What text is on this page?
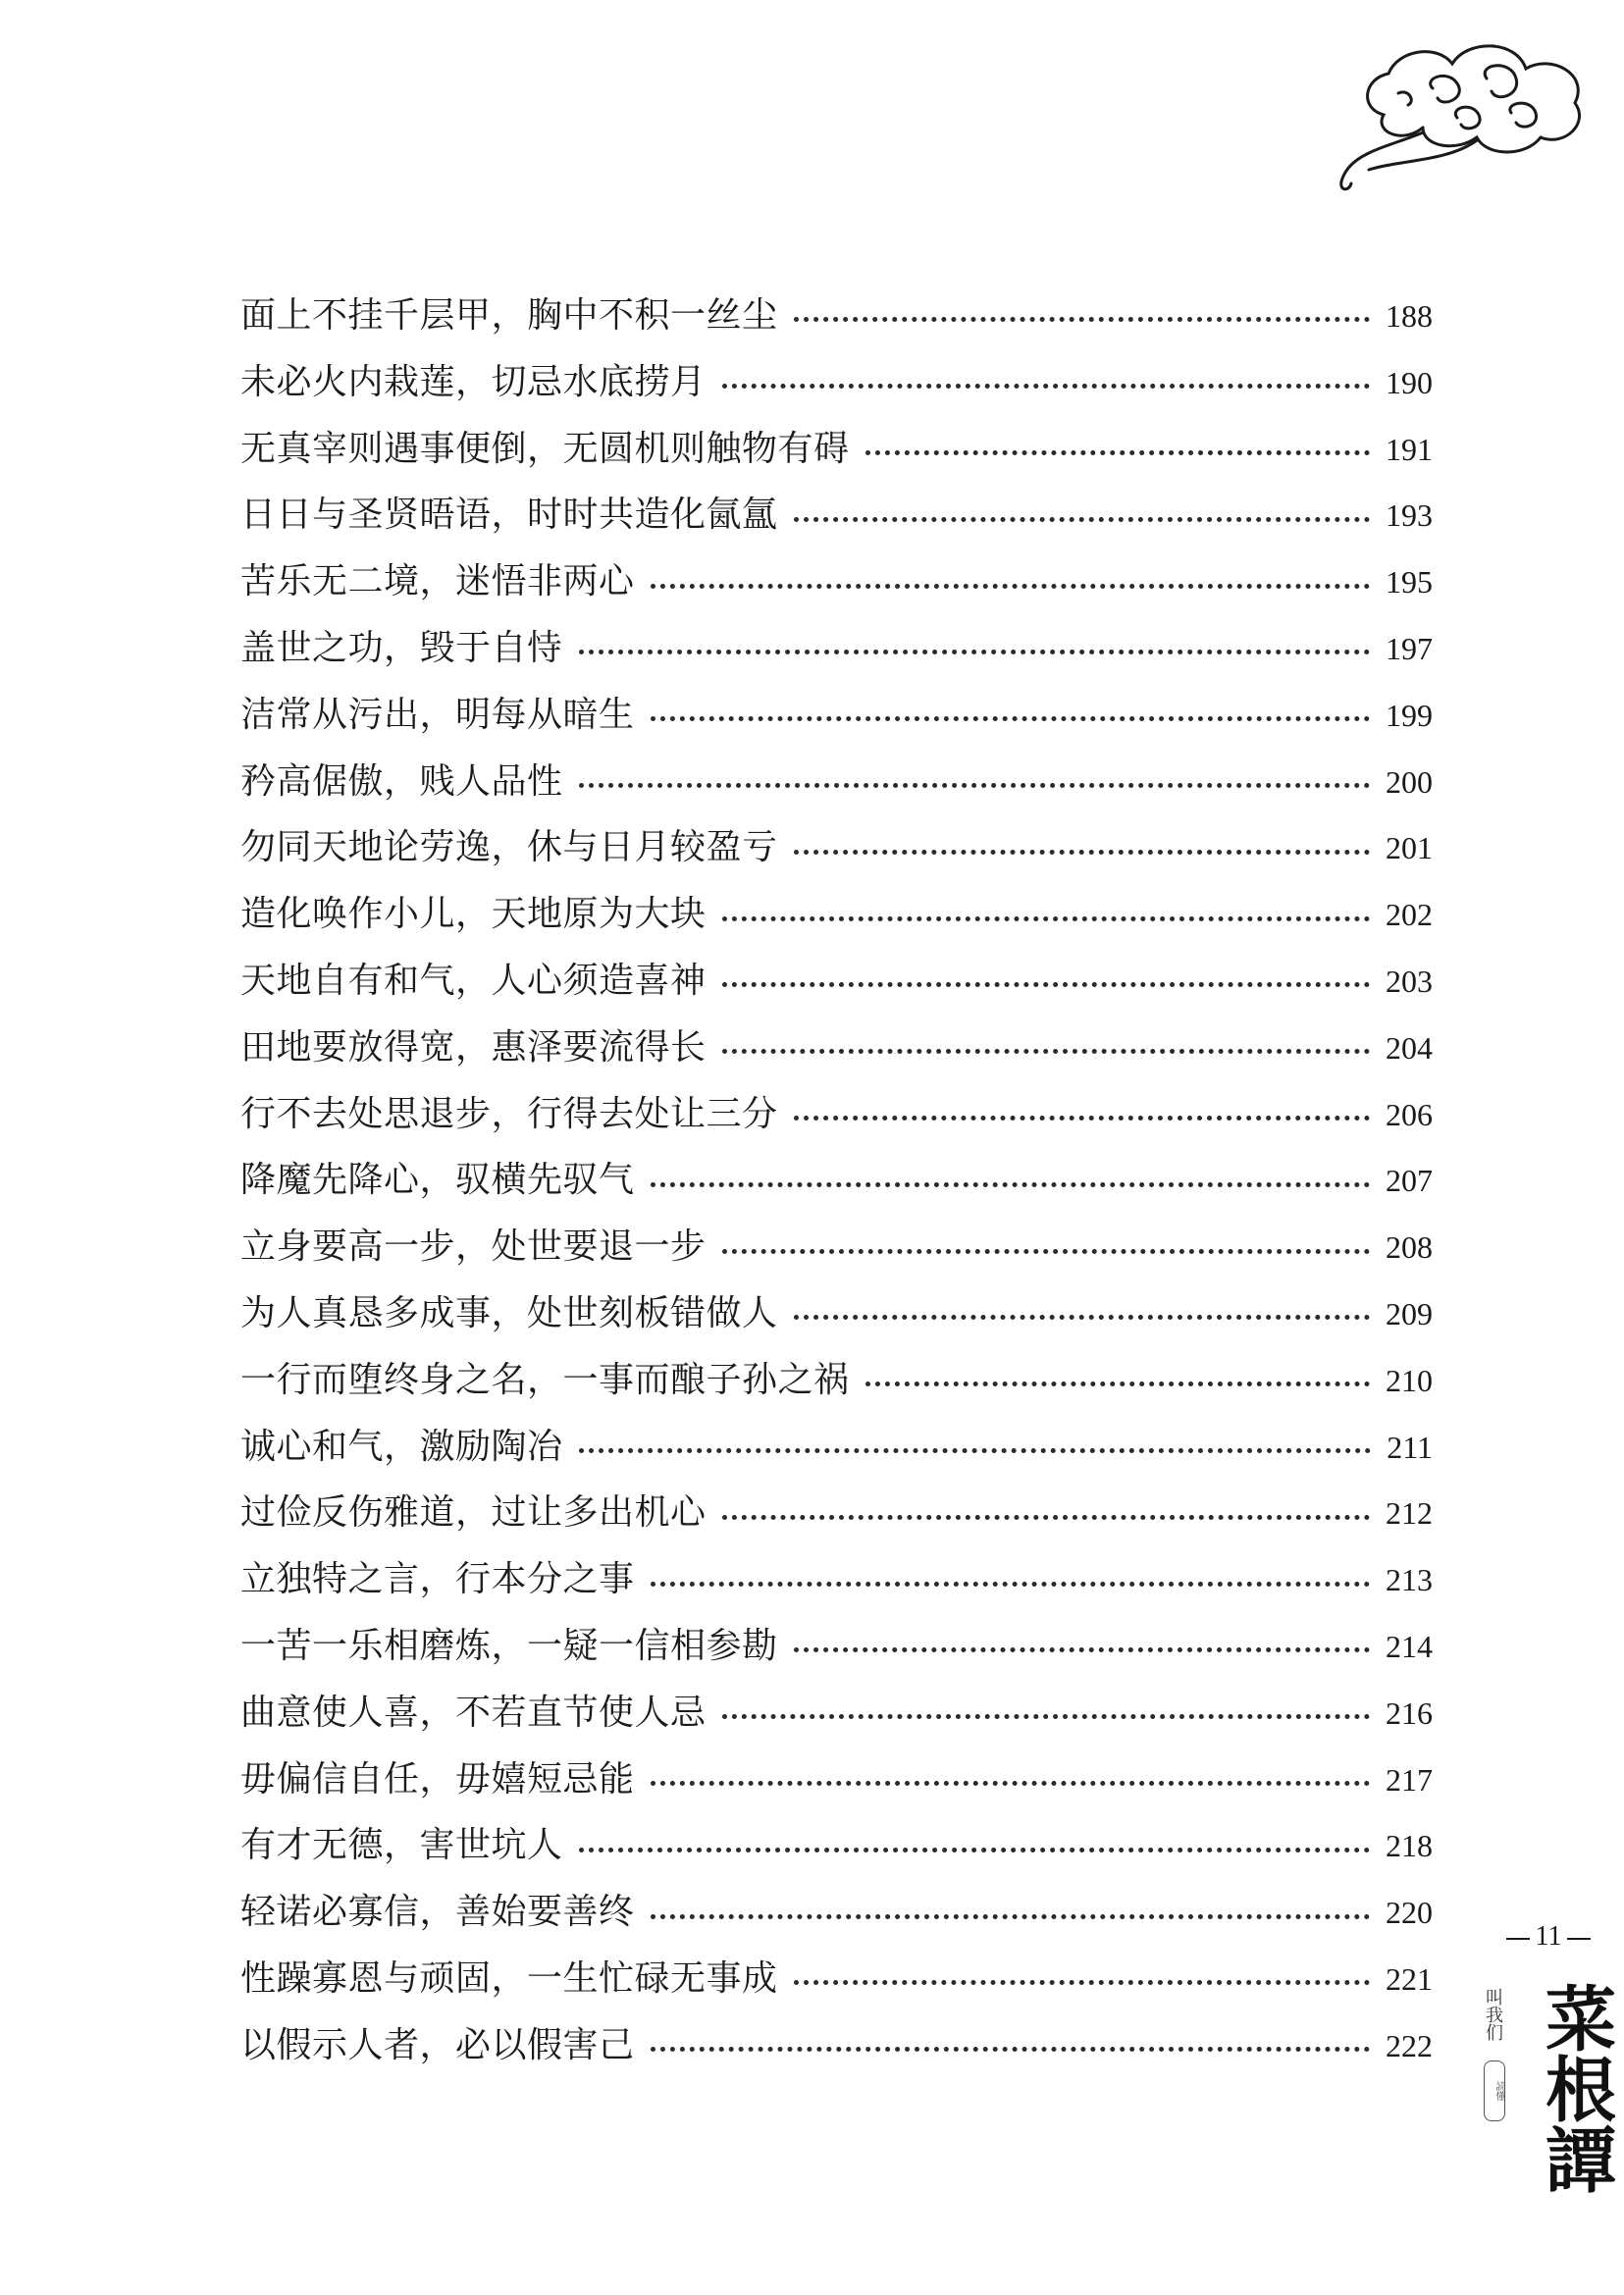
面上不挂千层甲，胸中不积一丝尘	188
未必火内栽莲，切忌水底捞月	190
无真宰则遇事便倒，无圆机则触物有碍	191
日日与圣贤晤语，时时共造化氤氲	193
苦乐无二境，迷悟非两心	195
盖世之功，毁于自恃	197
洁常从污出，明每从暗生	199
矜高倨傲，贱人品性	200
勿同天地论劳逸，休与日月较盈亏	201
造化唤作小儿，天地原为大块	202
天地自有和气，人心须造喜神	203
田地要放得宽，惠泽要流得长	204
行不去处思退步，行得去处让三分	206
降魔先降心，驭横先驭气	207
立身要高一步，处世要退一步	208
为人真恳多成事，处世刻板错做人	209
一行而堕终身之名，一事而酿子孙之祸	210
诚心和气，激励陶冶	211
过俭反伤雅道，过让多出机心	212
立独特之言，行本分之事	213
一苦一乐相磨炼，一疑一信相参勘	214
曲意使人喜，不若直节使人忌	216
毋偏信自任，毋嬉短忌能	217
有才无德，害世坑人	218
轻诺必寡信，善始要善终	220
性躁寡恩与顽固，一生忙碌无事成	221
以假示人者，必以假害己	222
11
叫我们
読懂 菜根譚
